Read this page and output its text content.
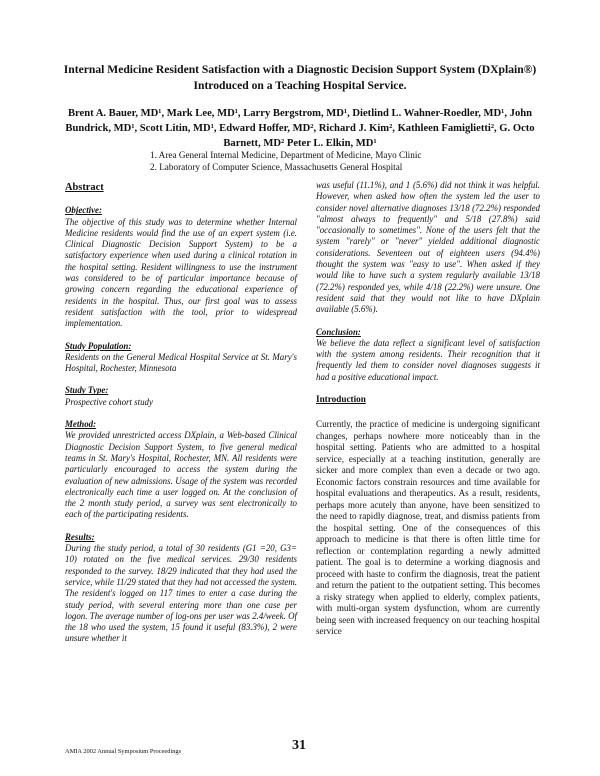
Internal Medicine Resident Satisfaction with a Diagnostic Decision Support System (DXplain®) Introduced on a Teaching Hospital Service.
Brent A. Bauer, MD¹, Mark Lee, MD¹, Larry Bergstrom, MD¹, Dietlind L. Wahner-Roedler, MD¹, John Bundrick, MD¹, Scott Litin, MD¹, Edward Hoffer, MD², Richard J. Kim², Kathleen Famiglietti², G. Octo Barnett, MD² Peter L. Elkin, MD¹
1. Area General Internal Medicine, Department of Medicine, Mayo Clinic
2. Laboratory of Computer Science, Massachusetts General Hospital
Abstract
Objective:

The objective of this study was to determine whether Internal Medicine residents would find the use of an expert system (i.e. Clinical Diagnostic Decision Support System) to be a satisfactory experience when used during a clinical rotation in the hospital setting. Resident willingness to use the instrument was considered to be of particular importance because of growing concern regarding the educational experience of residents in the hospital. Thus, our first goal was to assess resident satisfaction with the tool, prior to widespread implementation.

Study Population:

Residents on the General Medical Hospital Service at St. Mary's Hospital, Rochester, Minnesota

Study Type:

Prospective cohort study

Method:

We provided unrestricted access DXplain, a Web-based Clinical Diagnostic Decision Support System, to five general medical teams in St. Mary's Hospital, Rochester, MN. All residents were particularly encouraged to access the system during the evaluation of new admissions. Usage of the system was recorded electronically each time a user logged on. At the conclusion of the 2 month study period, a survey was sent electronically to each of the participating residents.

Results:

During the study period, a total of 30 residents (G1 =20, G3= 10) rotated on the five medical services. 29/30 residents responded to the survey. 18/29 indicated that they had used the service, while 11/29 stated that they had not accessed the system. The resident's logged on 117 times to enter a case during the study period, with several entering more than one case per logon. The average number of log-ons per user was 2.4/week. Of the 18 who used the system, 15 found it useful (83.3%), 2 were unsure whether it

was useful (11.1%), and 1 (5.6%) did not think it was helpful. However, when asked how often the system led the user to consider novel alternative diagnoses 13/18 (72.2%) responded "almost always to frequently" and 5/18 (27.8%) said "occasionally to sometimes". None of the users felt that the system "rarely" or "never" yielded additional diagnostic considerations. Seventeen out of eighteen users (94.4%) thought the system was "easy to use". When asked if they would like to have such a system regularly available 13/18 (72.2%) responded yes, while 4/18 (22.2%) were unsure. One resident said that they would not like to have DXplain available (5.6%).

Conclusion:

We believe the data reflect a significant level of satisfaction with the system among residents. Their recognition that it frequently led them to consider novel diagnoses suggests it had a positive educational impact.

Introduction

Currently, the practice of medicine is undergoing significant changes, perhaps nowhere more noticeably than in the hospital setting. Patients who are admitted to a hospital service, especially at a teaching institution, generally are sicker and more complex than even a decade or two ago. Economic factors constrain resources and time available for hospital evaluations and therapeutics. As a result, residents, perhaps more acutely than anyone, have been sensitized to the need to rapidly diagnose, treat, and dismiss patients from the hospital setting. One of the consequences of this approach to medicine is that there is often little time for reflection or contemplation regarding a newly admitted patient. The goal is to determine a working diagnosis and proceed with haste to confirm the diagnosis, treat the patient and return the patient to the outpatient setting. This becomes a risky strategy when applied to elderly, complex patients, with multi-organ system dysfunction, whom are currently being seen with increased frequency on our teaching hospital service

31
AMIA 2002 Annual Symposium Proceedings
